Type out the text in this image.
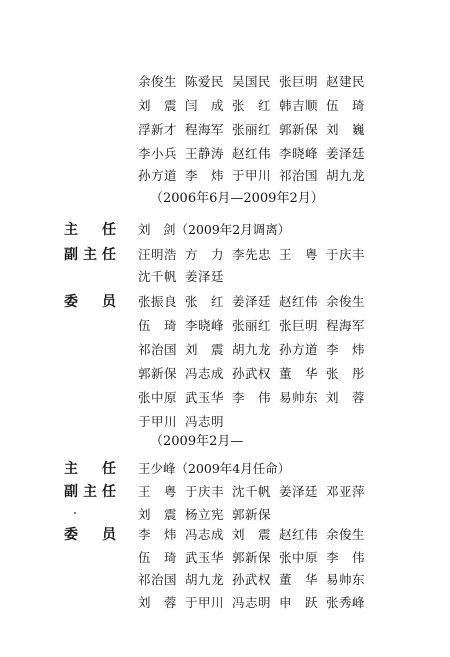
余俊生 陈爱民 吴国民 张巨明 赵建民
刘　震 闫　成 张　红 韩吉顺 伍　琦
浮新才 程海军 张丽红 郭新保 刘　巍
李小兵 王静涛 赵红伟 李晓峰 姜泽廷
孙方道 李　炜 于甲川 祁治国 胡九龙
（2006年6月—2009年2月）
主　任 刘　剑（2009年2月调离）
副主任 汪明浩 方　力 李先忠 王　粤 于庆丰
沈千帆 姜泽廷
委　员 张振良 张　红 姜泽廷 赵红伟 余俊生
伍　琦 李晓峰 张丽红 张巨明 程海军
祁治国 刘　震 胡九龙 孙方道 李　炜
郭新保 冯志成 孙武权 董　华 张　彤
张中原 武玉华 李　伟 易帅东 刘　蓉
于甲川 冯志明
（2009年2月—
主　任 王少峰（2009年4月任命）
副主任 王　粤 于庆丰 沈千帆 姜泽廷 邓亚萍
刘　震 杨立宪 郭新保
委　员 李　炜 冯志成 刘　震 赵红伟 余俊生
伍　琦 武玉华 郭新保 张中原 李　伟
祁治国 胡九龙 孙武权 董　华 易帅东
刘　蓉 于甲川 冯志明 申　跃 张秀峰
